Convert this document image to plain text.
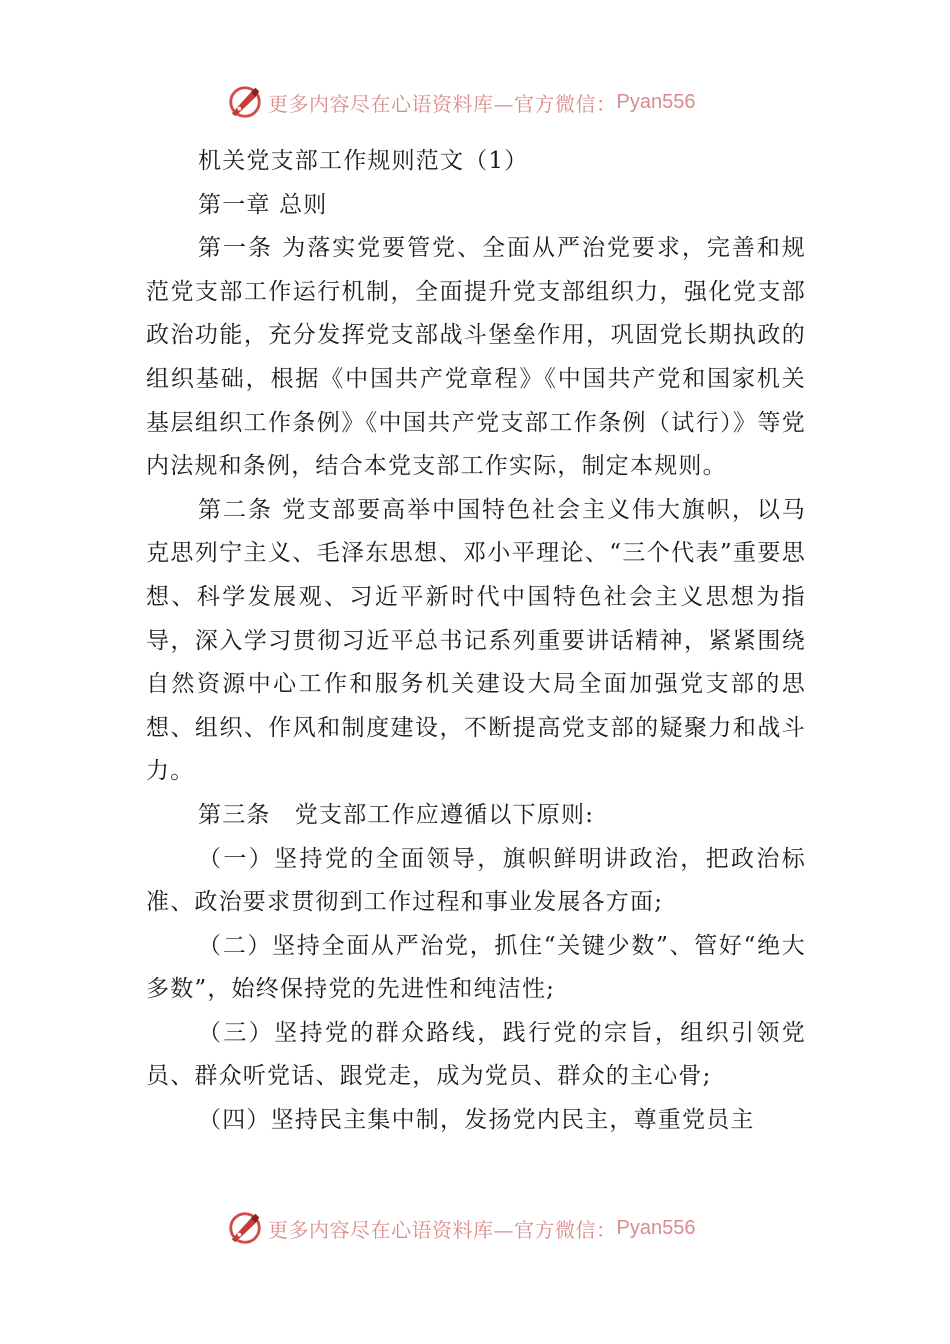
更多内容尽在心语资料库—官方微信： Pyan556

机关党支部工作规则范文（1）

第一章 总则

第一条 为落实党要管党、全面从严治党要求，完善和规范党支部工作运行机制，全面提升党支部组织力，强化党支部政治功能，充分发挥党支部战斗堡垒作用，巩固党长期执政的组织基础，根据《中国共产党章程》《中国共产党和国家机关基层组织工作条例》《中国共产党支部工作条例（试行）》等党内法规和条例，结合本党支部工作实际，制定本规则。

第二条 党支部要高举中国特色社会主义伟大旗帜，以马克思列宁主义、毛泽东思想、邓小平理论、“三个代表”重要思想、科学发展观、习近平新时代中国特色社会主义思想为指导，深入学习贯彻习近平总书记系列重要讲话精神，紧紧围绕自然资源中心工作和服务机关建设大局全面加强党支部的思想、组织、作风和制度建设，不断提高党支部的疑聚力和战斗力。

第三条　党支部工作应遵循以下原则:

（一）坚持党的全面领导，旗帜鲜明讲政治，把政治标准、政治要求贯彻到工作过程和事业发展各方面;

（二）坚持全面从严治党，抓住“关键少数”、管好“绝大多数”，始终保持党的先进性和纯洁性;

（三）坚持党的群众路线，践行党的宗旨，组织引领党员、群众听党话、跟党走，成为党员、群众的主心骨;

（四）坚持民主集中制，发扬党内民主，尊重党员主

更多内容尽在心语资料库—官方微信： Pyan556
